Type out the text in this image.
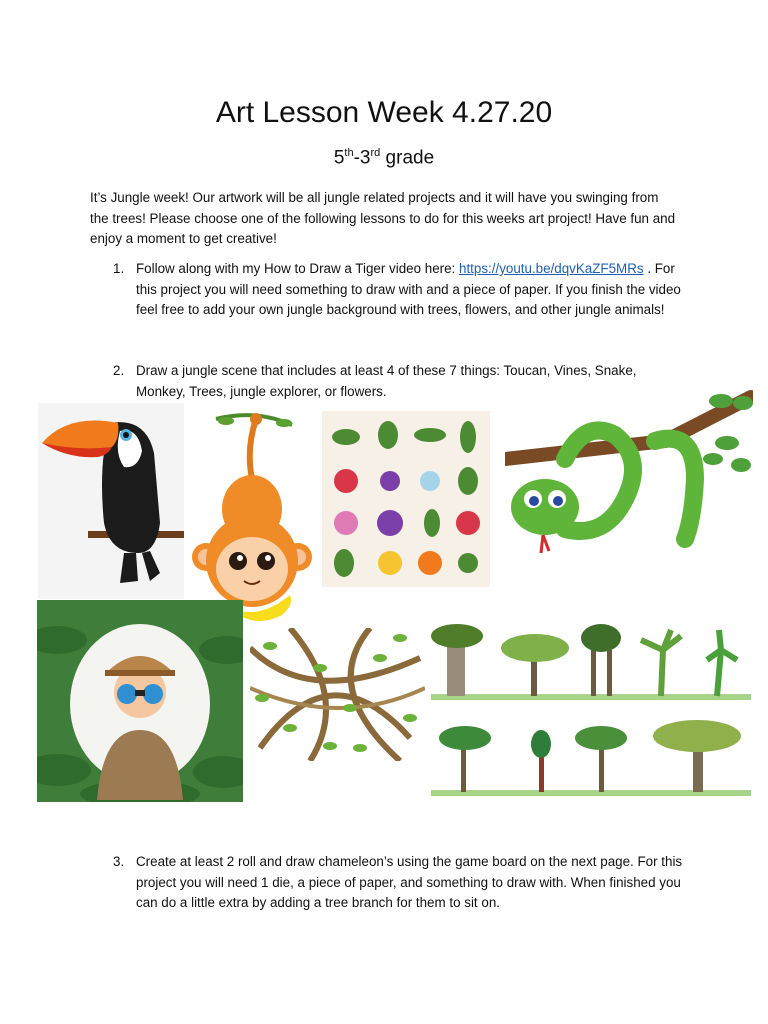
Art Lesson Week 4.27.20
5th-3rd grade
It’s Jungle week! Our artwork will be all jungle related projects and it will have you swinging from the trees! Please choose one of the following lessons to do for this weeks art project! Have fun and enjoy a moment to get creative!
1. Follow along with my How to Draw a Tiger video here: https://youtu.be/dqvKaZF5MRs . For this project you will need something to draw with and a piece of paper. If you finish the video feel free to add your own jungle background with trees, flowers, and other jungle animals!
2. Draw a jungle scene that includes at least 4 of these 7 things: Toucan, Vines, Snake, Monkey, Trees, jungle explorer, or flowers.
3. Create at least 2 roll and draw chameleon’s using the game board on the next page. For this project you will need 1 die, a piece of paper, and something to draw with. When finished you can do a little extra by adding a tree branch for them to sit on.
